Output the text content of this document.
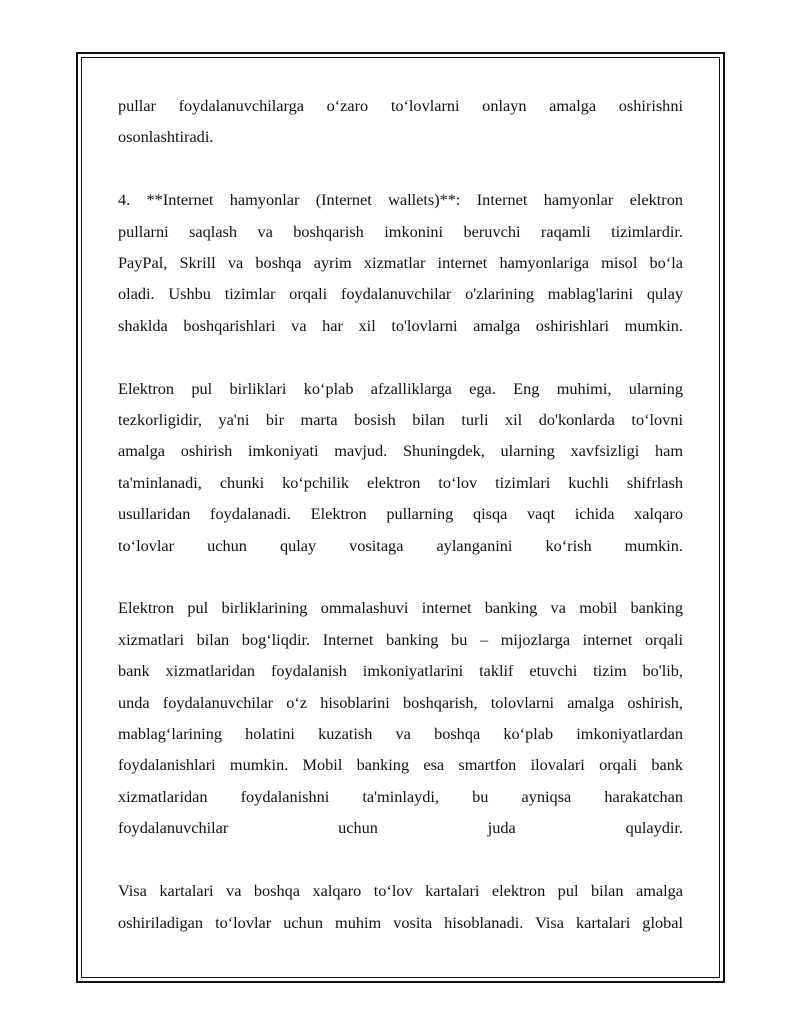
pullar foydalanuvchilarga o‘zaro to‘lovlarni onlayn amalga oshirishni
osonlashtiradi.
4. **Internet hamyonlar (Internet wallets)**: Internet hamyonlar elektron
pullarni saqlash va boshqarish imkonini beruvchi raqamli tizimlardir.
PayPal, Skrill va boshqa ayrim xizmatlar internet hamyonlariga misol bo‘la
oladi. Ushbu tizimlar orqali foydalanuvchilar o'zlarining mablag'larini qulay
shaklda boshqarishlari va har xil to'lovlarni amalga oshirishlari mumkin.
Elektron pul birliklari ko‘plab afzalliklarga ega. Eng muhimi, ularning
tezkorligidir, ya'ni bir marta bosish bilan turli xil do'konlarda to‘lovni
amalga oshirish imkoniyati mavjud. Shuningdek, ularning xavfsizligi ham
ta'minlanadi, chunki ko‘pchilik elektron to‘lov tizimlari kuchli shifrlash
usullaridan foydalanadi. Elektron pullarning qisqa vaqt ichida xalqaro
to‘lovlar uchun qulay vositaga aylanganini ko‘rish mumkin.
Elektron pul birliklarining ommalashuvi internet banking va mobil banking
xizmatlari bilan bog‘liqdir. Internet banking bu – mijozlarga internet orqali
bank xizmatlaridan foydalanish imkoniyatlarini taklif etuvchi tizim bo'lib,
unda foydalanuvchilar o‘z hisoblarini boshqarish, tolovlarni amalga oshirish,
mablag‘larining holatini kuzatish va boshqa ko‘plab imkoniyatlardan
foydalanishlari mumkin. Mobil banking esa smartfon ilovalari orqali bank
xizmatlaridan foydalanishni ta'minlaydi, bu ayniqsa harakatchan
foydalanuvchilar uchun juda qulaydir.
Visa kartalari va boshqa xalqaro to‘lov kartalari elektron pul bilan amalga
oshiriladigan to‘lovlar uchun muhim vosita hisoblanadi. Visa kartalari global
